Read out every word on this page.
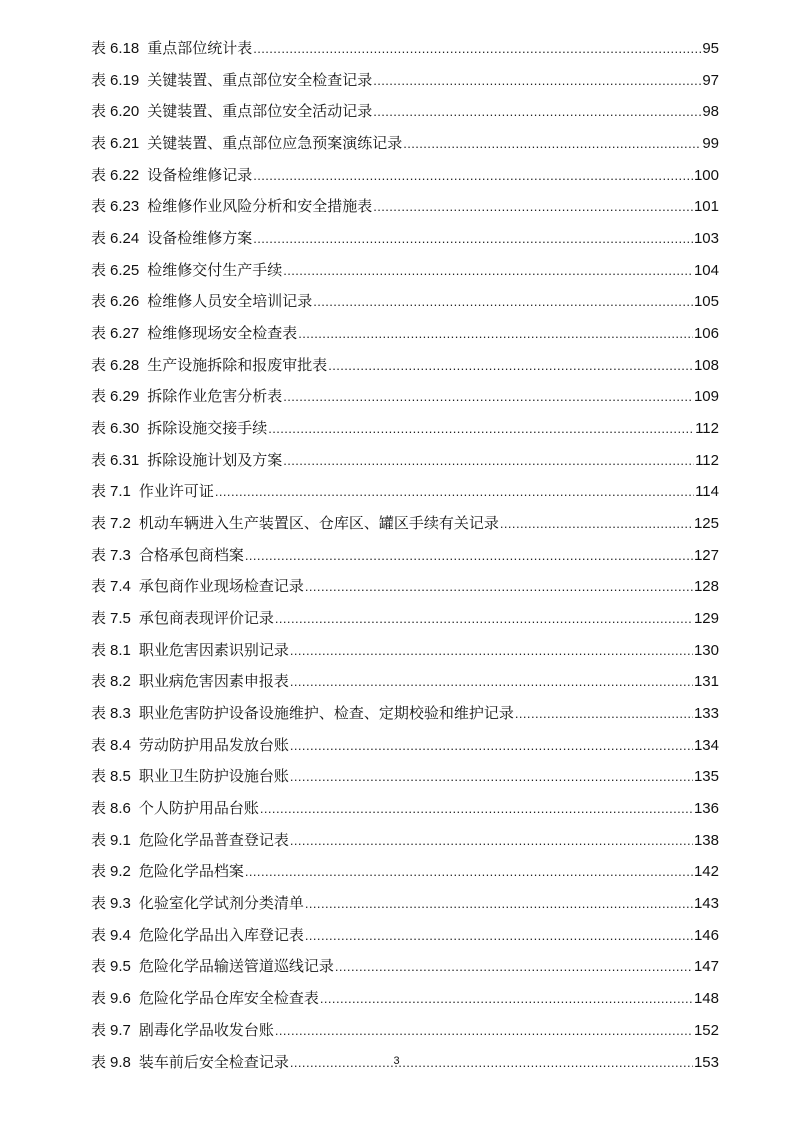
表 6.18 重点部位统计表 .....	95
表 6.19 关键装置、重点部位安全检查记录 .....	97
表 6.20 关键装置、重点部位安全活动记录 .....	98
表 6.21 关键装置、重点部位应急预案演练记录 .....	99
表 6.22 设备检维修记录 .....	100
表 6.23 检维修作业风险分析和安全措施表 .....	101
表 6.24 设备检维修方案 .....	103
表 6.25 检维修交付生产手续 .....	104
表 6.26 检维修人员安全培训记录 .....	105
表 6.27 检维修现场安全检查表 .....	106
表 6.28 生产设施拆除和报废审批表 .....	108
表 6.29 拆除作业危害分析表 .....	109
表 6.30 拆除设施交接手续 .....	112
表 6.31 拆除设施计划及方案 .....	112
表 7.1 作业许可证 .....	114
表 7.2 机动车辆进入生产装置区、仓库区、罐区手续有关记录 .....	125
表 7.3 合格承包商档案 .....	127
表 7.4 承包商作业现场检查记录 .....	128
表 7.5 承包商表现评价记录 .....	129
表 8.1 职业危害因素识别记录 .....	130
表 8.2 职业病危害因素申报表 .....	131
表 8.3 职业危害防护设备设施维护、检查、定期校验和维护记录 .....	133
表 8.4 劳动防护用品发放台账 .....	134
表 8.5 职业卫生防护设施台账 .....	135
表 8.6 个人防护用品台账 .....	136
表 9.1 危险化学品普查登记表 .....	138
表 9.2 危险化学品档案 .....	142
表 9.3 化验室化学试剂分类清单 .....	143
表 9.4 危险化学品出入库登记表 .....	146
表 9.5 危险化学品输送管道巡线记录 .....	147
表 9.6 危险化学品仓库安全检查表 .....	148
表 9.7 剧毒化学品收发台账 .....	152
表 9.8 装车前后安全检查记录 .....	153
3
